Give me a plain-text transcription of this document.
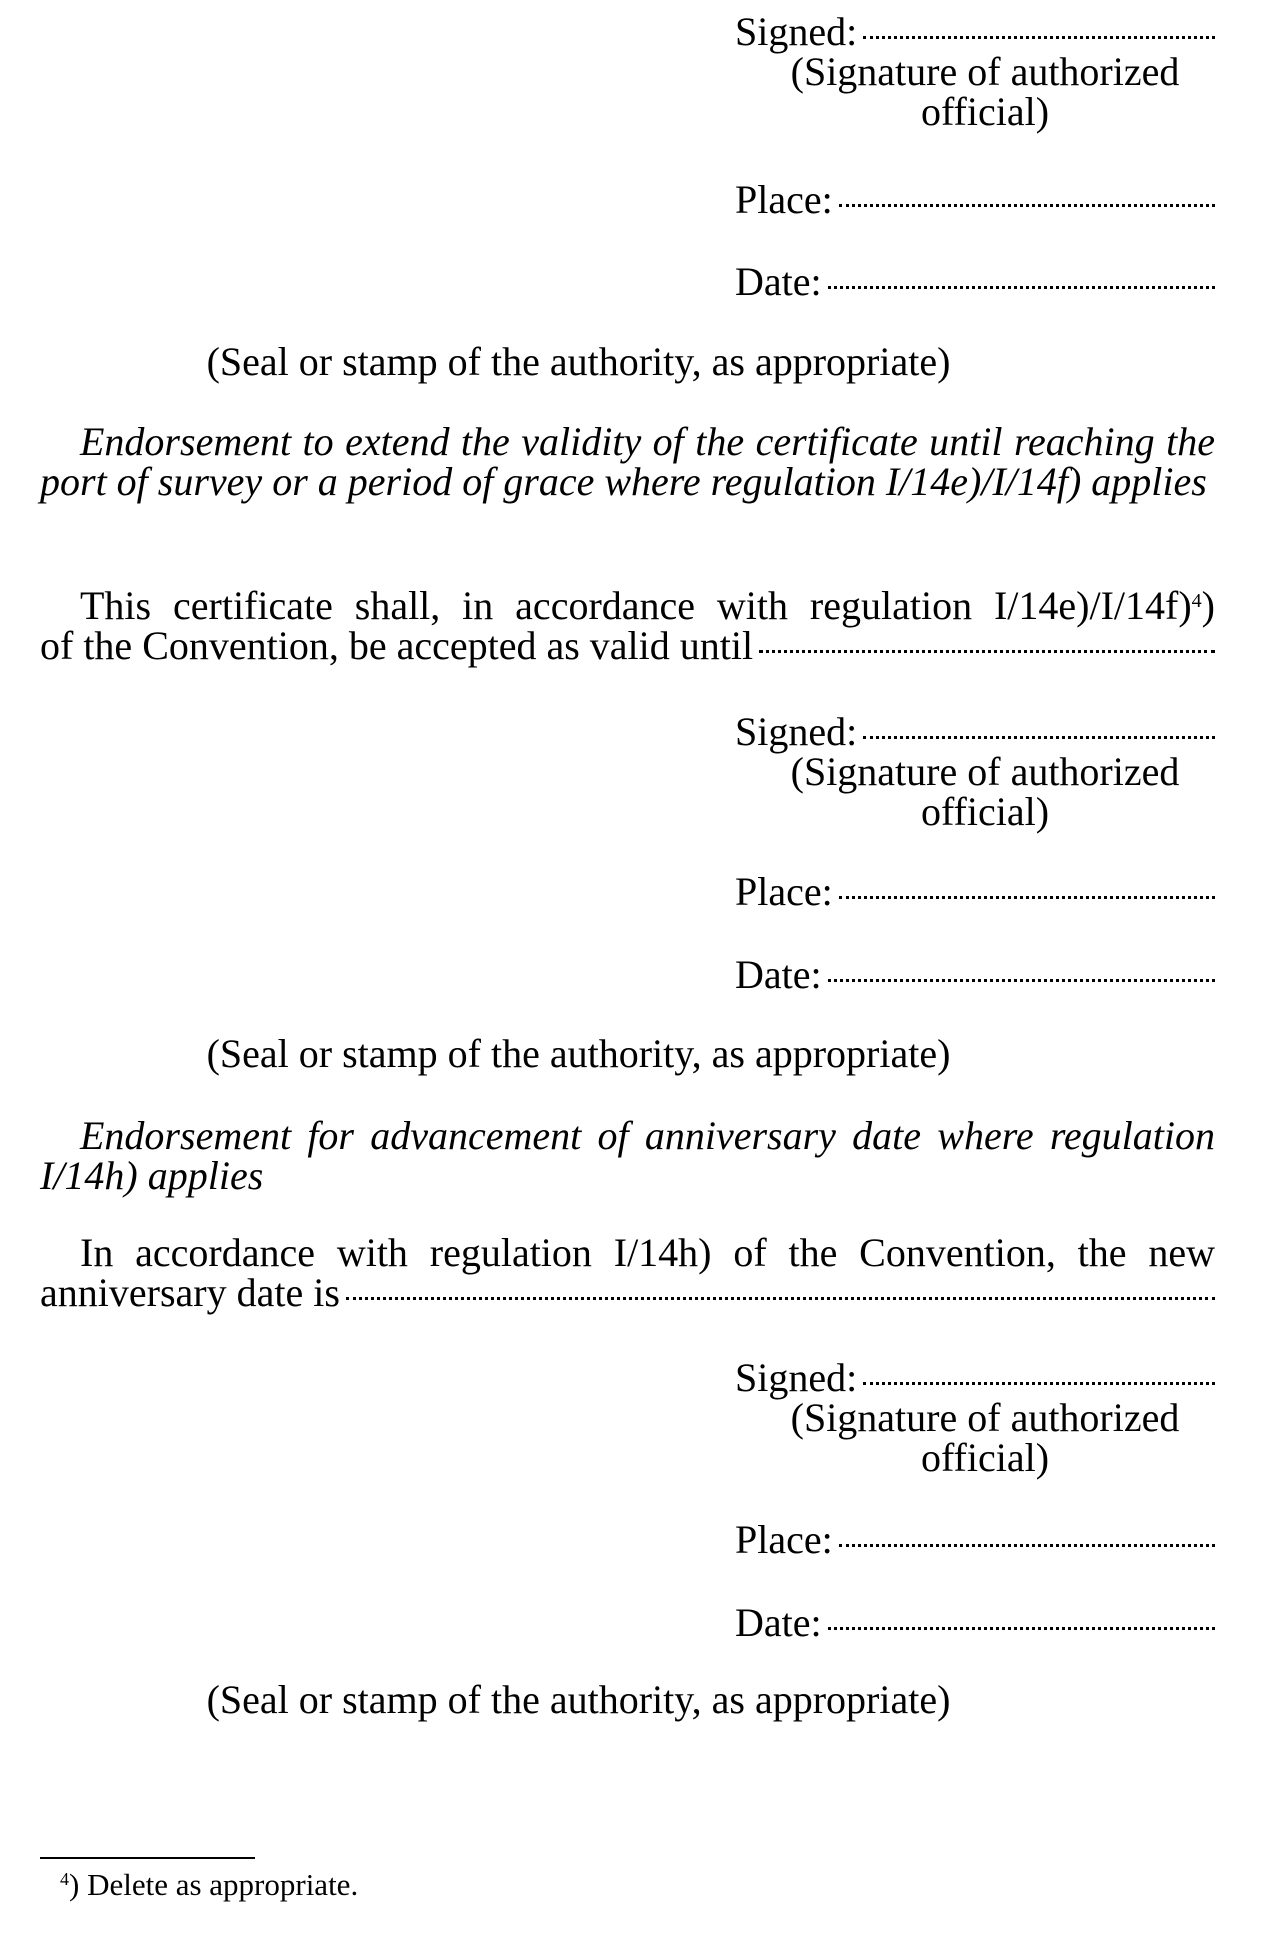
Signed:
(Signature of authorized
official)
Place:
Date:
(Seal or stamp of the authority, as appropriate)
Endorsement to extend the validity of the certificate until reaching the port of survey or a period of grace where regulation I/14e)/I/14f) applies
This certificate shall, in accordance with regulation I/14e)/I/14f)$^4$)
of the Convention, be accepted as valid until
Signed:
(Signature of authorized
official)
Place:
Date:
(Seal or stamp of the authority, as appropriate)
Endorsement for advancement of anniversary date where regulation I/14h) applies
In accordance with regulation I/14h) of the Convention, the new
anniversary date is
Signed:
(Signature of authorized
official)
Place:
Date:
(Seal or stamp of the authority, as appropriate)
$^4$) Delete as appropriate.
